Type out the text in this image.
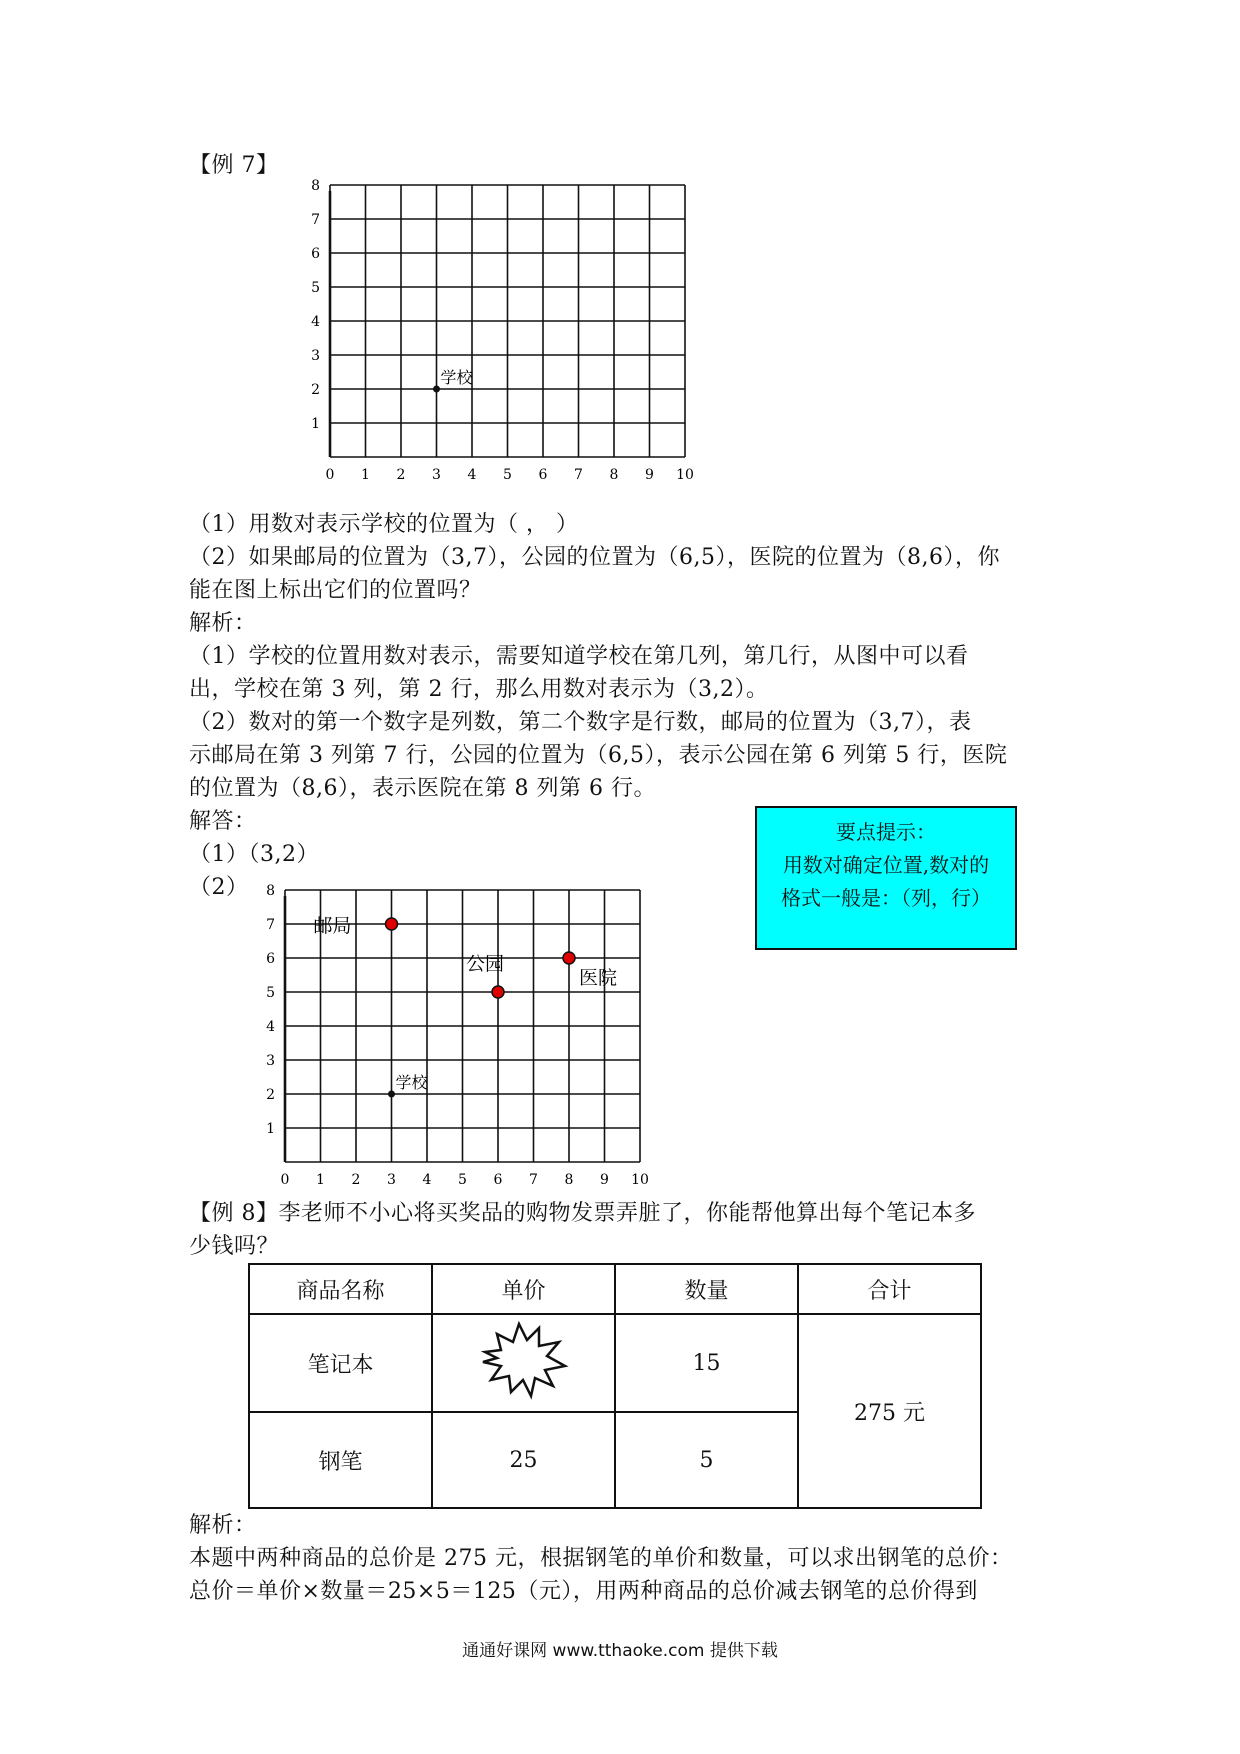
【例 7】
0 1 2 3 4 5 6 7 8 9 10
1
2
3
4
5
6
7
8
学校
（1）用数对表示学校的位置为（ ， ）
（2）如果邮局的位置为（3,7），公园的位置为（6,5），医院的位置为（8,6），你
能在图上标出它们的位置吗？
解析：
（1）学校的位置用数对表示，需要知道学校在第几列，第几行，从图中可以看
出，学校在第 3 列，第 2 行，那么用数对表示为（3,2）。
（2）数对的第一个数字是列数，第二个数字是行数，邮局的位置为（3,7），表
示邮局在第 3 列第 7 行，公园的位置为（6,5），表示公园在第 6 列第 5 行，医院
的位置为（8,6），表示医院在第 8 列第 6 行。
解答：
（1）（3,2）
（2）
要点提示：
用数对确定位置,数对的
格式一般是：（列，行）
0 1 2 3 4 5 6 7 8 9 10
1
2
3
4
5
6
7
8
学校
邮局
公园
医院
【例 8】李老师不小心将买奖品的购物发票弄脏了，你能帮他算出每个笔记本多
少钱吗？
商品名称	单价	数量	合计
笔记本		15	275 元
钢笔	25	5	
解析：
本题中两种商品的总价是 275 元，根据钢笔的单价和数量，可以求出钢笔的总价：
总价＝单价×数量＝25×5＝125（元），用两种商品的总价减去钢笔的总价得到
通通好课网 www.tthaoke.com 提供下载
